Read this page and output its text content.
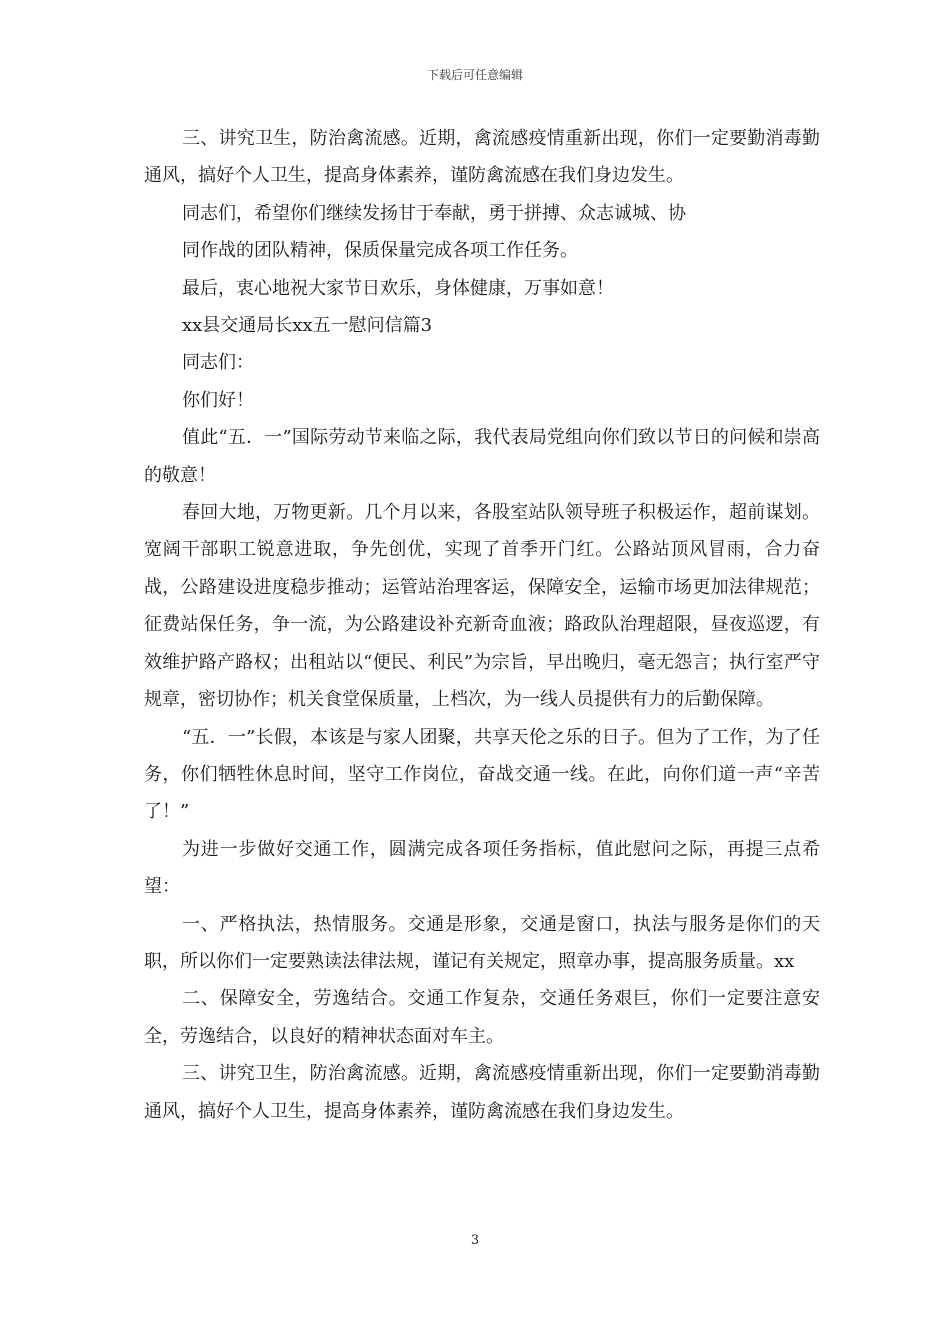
下载后可任意编辑

三、讲究卫生，防治禽流感。近期，禽流感疫情重新出现，你们一定要勤消毒勤通风，搞好个人卫生，提高身体素养，谨防禽流感在我们身边发生。

同志们，希望你们继续发扬甘于奉献，勇于拼搏、众志诚城、协

同作战的团队精神，保质保量完成各项工作任务。

最后，衷心地祝大家节日欢乐，身体健康，万事如意！

xx县交通局长xx五一慰问信篇3

同志们：

你们好！

值此“五．一”国际劳动节来临之际，我代表局党组向你们致以节日的问候和崇高的敬意！

春回大地，万物更新。几个月以来，各股室站队领导班子积极运作，超前谋划。宽阔干部职工锐意进取，争先创优，实现了首季开门红。公路站顶风冒雨，合力奋战，公路建设进度稳步推动；运管站治理客运，保障安全，运输市场更加法律规范；征费站保任务，争一流，为公路建设补充新奇血液；路政队治理超限，昼夜巡逻，有效维护路产路权；出租站以“便民、利民”为宗旨，早出晚归，毫无怨言；执行室严守规章，密切协作；机关食堂保质量，上档次，为一线人员提供有力的后勤保障。

“五．一”长假，本该是与家人团聚，共享天伦之乐的日子。但为了工作，为了任务，你们牺牲休息时间，坚守工作岗位，奋战交通一线。在此，向你们道一声“辛苦了！”

为进一步做好交通工作，圆满完成各项任务指标，值此慰问之际，再提三点希望：

一、严格执法，热情服务。交通是形象，交通是窗口，执法与服务是你们的天职，所以你们一定要熟读法律法规，谨记有关规定，照章办事，提高服务质量。xx

二、保障安全，劳逸结合。交通工作复杂，交通任务艰巨，你们一定要注意安全，劳逸结合，以良好的精神状态面对车主。

三、讲究卫生，防治禽流感。近期，禽流感疫情重新出现，你们一定要勤消毒勤通风，搞好个人卫生，提高身体素养，谨防禽流感在我们身边发生。

3
